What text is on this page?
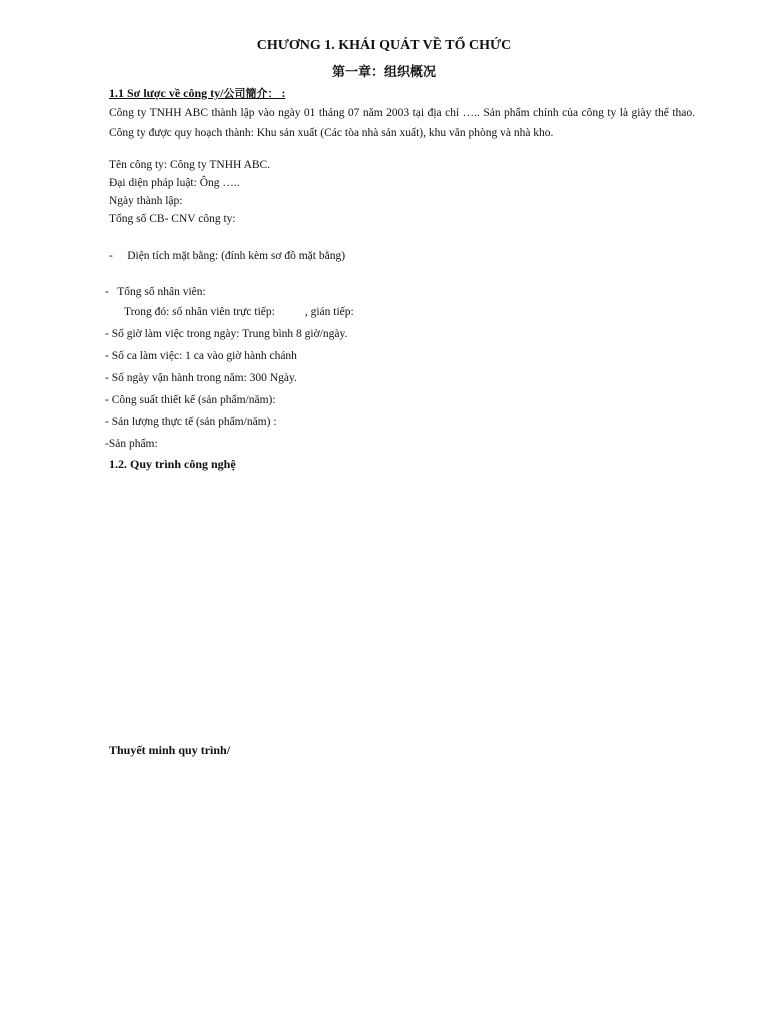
CHƯƠNG 1. KHÁI QUÁT VỀ TỔ CHỨC
第一章：组织概况
1.1 Sơ lược về công ty/公司簡介： :
Công ty TNHH ABC thành lập vào ngày 01 tháng 07 năm 2003 tại địa chỉ ….. Sản phẩm chính của công ty là giày thể thao. Công ty được quy hoạch thành: Khu sản xuất (Các tòa nhà sản xuất), khu văn phòng và nhà kho.
Tên công ty: Công ty TNHH ABC.
Đại diện pháp luật: Ông …..
Ngày thành lập:
Tổng số CB- CNV công ty:
-     Diện tích mặt bằng: (đính kèm sơ đồ mặt bằng)
-   Tổng số nhân viên:
Trong đó: số nhân viên trực tiếp:	, gián tiếp:
- Số giờ làm việc trong ngày: Trung bình 8 giờ/ngày.
- Số ca làm việc: 1 ca vào giờ hành chánh
- Số ngày vận hành trong năm: 300 Ngày.
- Công suất thiết kế (sản phẩm/năm):
- Sản lượng thực tế (sản phẩm/năm) :
-Sản phẩm:
1.2. Quy trình công nghệ
Thuyết minh quy trình/
